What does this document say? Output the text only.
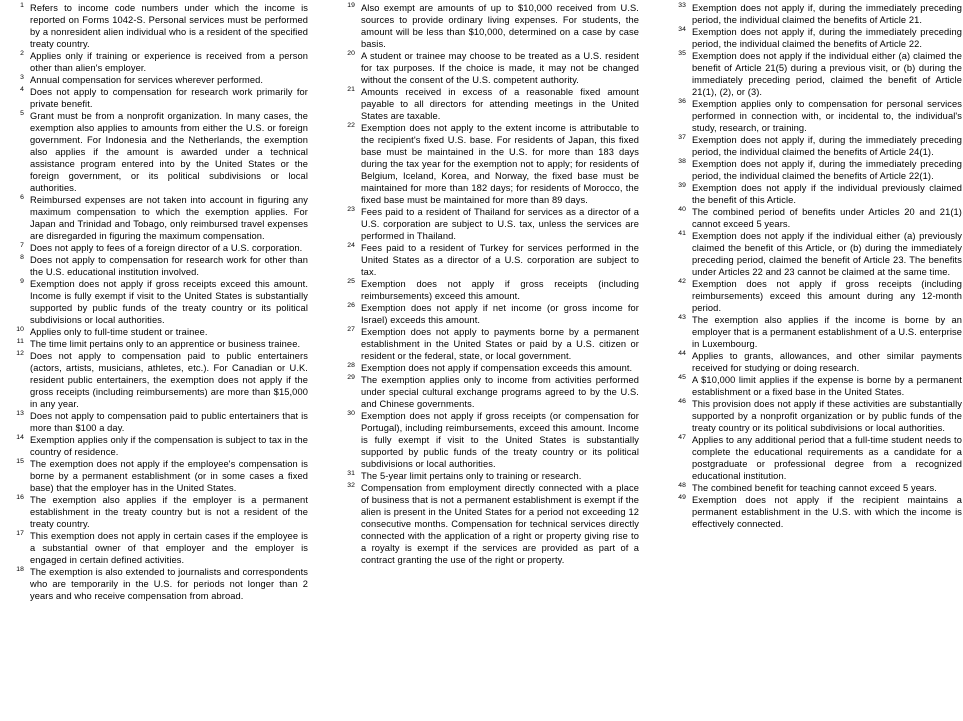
1 Refers to income code numbers under which the income is reported on Forms 1042-S. Personal services must be performed by a nonresident alien individual who is a resident of the specified treaty country.
2 Applies only if training or experience is received from a person other than alien's employer.
3 Annual compensation for services wherever performed.
4 Does not apply to compensation for research work primarily for private benefit.
5 Grant must be from a nonprofit organization. In many cases, the exemption also applies to amounts from either the U.S. or foreign government. For Indonesia and the Netherlands, the exemption also applies if the amount is awarded under a technical assistance program entered into by the United States or the foreign government, or its political subdivisions or local authorities.
6 Reimbursed expenses are not taken into account in figuring any maximum compensation to which the exemption applies. For Japan and Trinidad and Tobago, only reimbursed travel expenses are disregarded in figuring the maximum compensation.
7 Does not apply to fees of a foreign director of a U.S. corporation.
8 Does not apply to compensation for research work for other than the U.S. educational institution involved.
9 Exemption does not apply if gross receipts exceed this amount. Income is fully exempt if visit to the United States is substantially supported by public funds of the treaty country or its political subdivisions or local authorities.
10 Applies only to full-time student or trainee.
11 The time limit pertains only to an apprentice or business trainee.
12 Does not apply to compensation paid to public entertainers (actors, artists, musicians, athletes, etc.). For Canadian or U.K. resident public entertainers, the exemption does not apply if the gross receipts (including reimbursements) are more than $15,000 in any year.
13 Does not apply to compensation paid to public entertainers that is more than $100 a day.
14 Exemption applies only if the compensation is subject to tax in the country of residence.
15 The exemption does not apply if the employee's compensation is borne by a permanent establishment (or in some cases a fixed base) that the employer has in the United States.
16 The exemption also applies if the employer is a permanent establishment in the treaty country but is not a resident of the treaty country.
17 This exemption does not apply in certain cases if the employee is a substantial owner of that employer and the employer is engaged in certain defined activities.
18 The exemption is also extended to journalists and correspondents who are temporarily in the U.S. for periods not longer than 2 years and who receive compensation from abroad.
19 Also exempt are amounts of up to $10,000 received from U.S. sources to provide ordinary living expenses. For students, the amount will be less than $10,000, determined on a case by case basis.
20 A student or trainee may choose to be treated as a U.S. resident for tax purposes. If the choice is made, it may not be changed without the consent of the U.S. competent authority.
21 Amounts received in excess of a reasonable fixed amount payable to all directors for attending meetings in the United States are taxable.
22 Exemption does not apply to the extent income is attributable to the recipient's fixed U.S. base. For residents of Japan, this fixed base must be maintained in the U.S. for more than 183 days during the tax year for the exemption not to apply; for residents of Belgium, Iceland, Korea, and Norway, the fixed base must be maintained for more than 182 days; for residents of Morocco, the fixed base must be maintained for more than 89 days.
23 Fees paid to a resident of Thailand for services as a director of a U.S. corporation are subject to U.S. tax, unless the services are performed in Thailand.
24 Fees paid to a resident of Turkey for services performed in the United States as a director of a U.S. corporation are subject to tax.
25 Exemption does not apply if gross receipts (including reimbursements) exceed this amount.
26 Exemption does not apply if net income (or gross income for Israel) exceeds this amount.
27 Exemption does not apply to payments borne by a permanent establishment in the United States or paid by a U.S. citizen or resident or the federal, state, or local government.
28 Exemption does not apply if compensation exceeds this amount.
29 The exemption applies only to income from activities performed under special cultural exchange programs agreed to by the U.S. and Chinese governments.
30 Exemption does not apply if gross receipts (or compensation for Portugal), including reimbursements, exceed this amount. Income is fully exempt if visit to the United States is substantially supported by public funds of the treaty country or its political subdivisions or local authorities.
31 The 5-year limit pertains only to training or research.
32 Compensation from employment directly connected with a place of business that is not a permanent establishment is exempt if the alien is present in the United States for a period not exceeding 12 consecutive months. Compensation for technical services directly connected with the application of a right or property giving rise to a royalty is exempt if the services are provided as part of a contract granting the use of the right or property.
33 Exemption does not apply if, during the immediately preceding period, the individual claimed the benefits of Article 21.
34 Exemption does not apply if, during the immediately preceding period, the individual claimed the benefits of Article 22.
35 Exemption does not apply if the individual either (a) claimed the benefit of Article 21(5) during a previous visit, or (b) during the immediately preceding period, claimed the benefit of Article 21(1), (2), or (3).
36 Exemption applies only to compensation for personal services performed in connection with, or incidental to, the individual's study, research, or training.
37 Exemption does not apply if, during the immediately preceding period, the individual claimed the benefits of Article 24(1).
38 Exemption does not apply if, during the immediately preceding period, the individual claimed the benefits of Article 22(1).
39 Exemption does not apply if the individual previously claimed the benefit of this Article.
40 The combined period of benefits under Articles 20 and 21(1) cannot exceed 5 years.
41 Exemption does not apply if the individual either (a) previously claimed the benefit of this Article, or (b) during the immediately preceding period, claimed the benefit of Article 23. The benefits under Articles 22 and 23 cannot be claimed at the same time.
42 Exemption does not apply if gross receipts (including reimbursements) exceed this amount during any 12-month period.
43 The exemption also applies if the income is borne by an employer that is a permanent establishment of a U.S. enterprise in Luxembourg.
44 Applies to grants, allowances, and other similar payments received for studying or doing research.
45 A $10,000 limit applies if the expense is borne by a permanent establishment or a fixed base in the United States.
46 This provision does not apply if these activities are substantially supported by a nonprofit organization or by public funds of the treaty country or its political subdivisions or local authorities.
47 Applies to any additional period that a full-time student needs to complete the educational requirements as a candidate for a postgraduate or professional degree from a recognized educational institution.
48 The combined benefit for teaching cannot exceed 5 years.
49 Exemption does not apply if the recipient maintains a permanent establishment in the U.S. with which the income is effectively connected.
